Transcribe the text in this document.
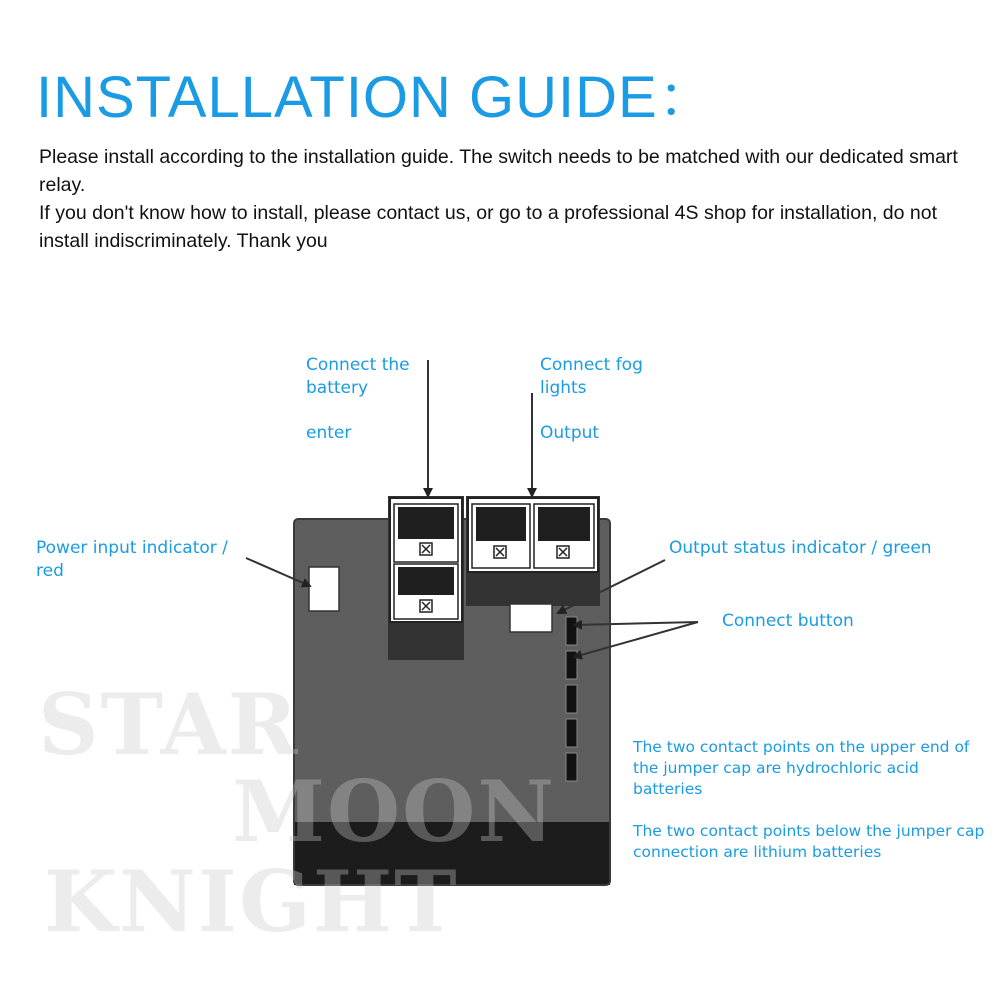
INSTALLATION GUIDE：

Please install according to the installation guide. The switch needs to be matched with our dedicated smart relay.

If you don't know how to install, please contact us, or go to a professional 4S shop for installation, do not install indiscriminately. Thank you

Connect the battery
enter
Connect fog lights
Output
Power input indicator / red
Output status indicator / green
Connect button
The two contact points on the upper end of the jumper cap are hydrochloric acid batteries
The two contact points below the jumper cap connection are lithium batteries
STAR
MOON
KNIGHT
